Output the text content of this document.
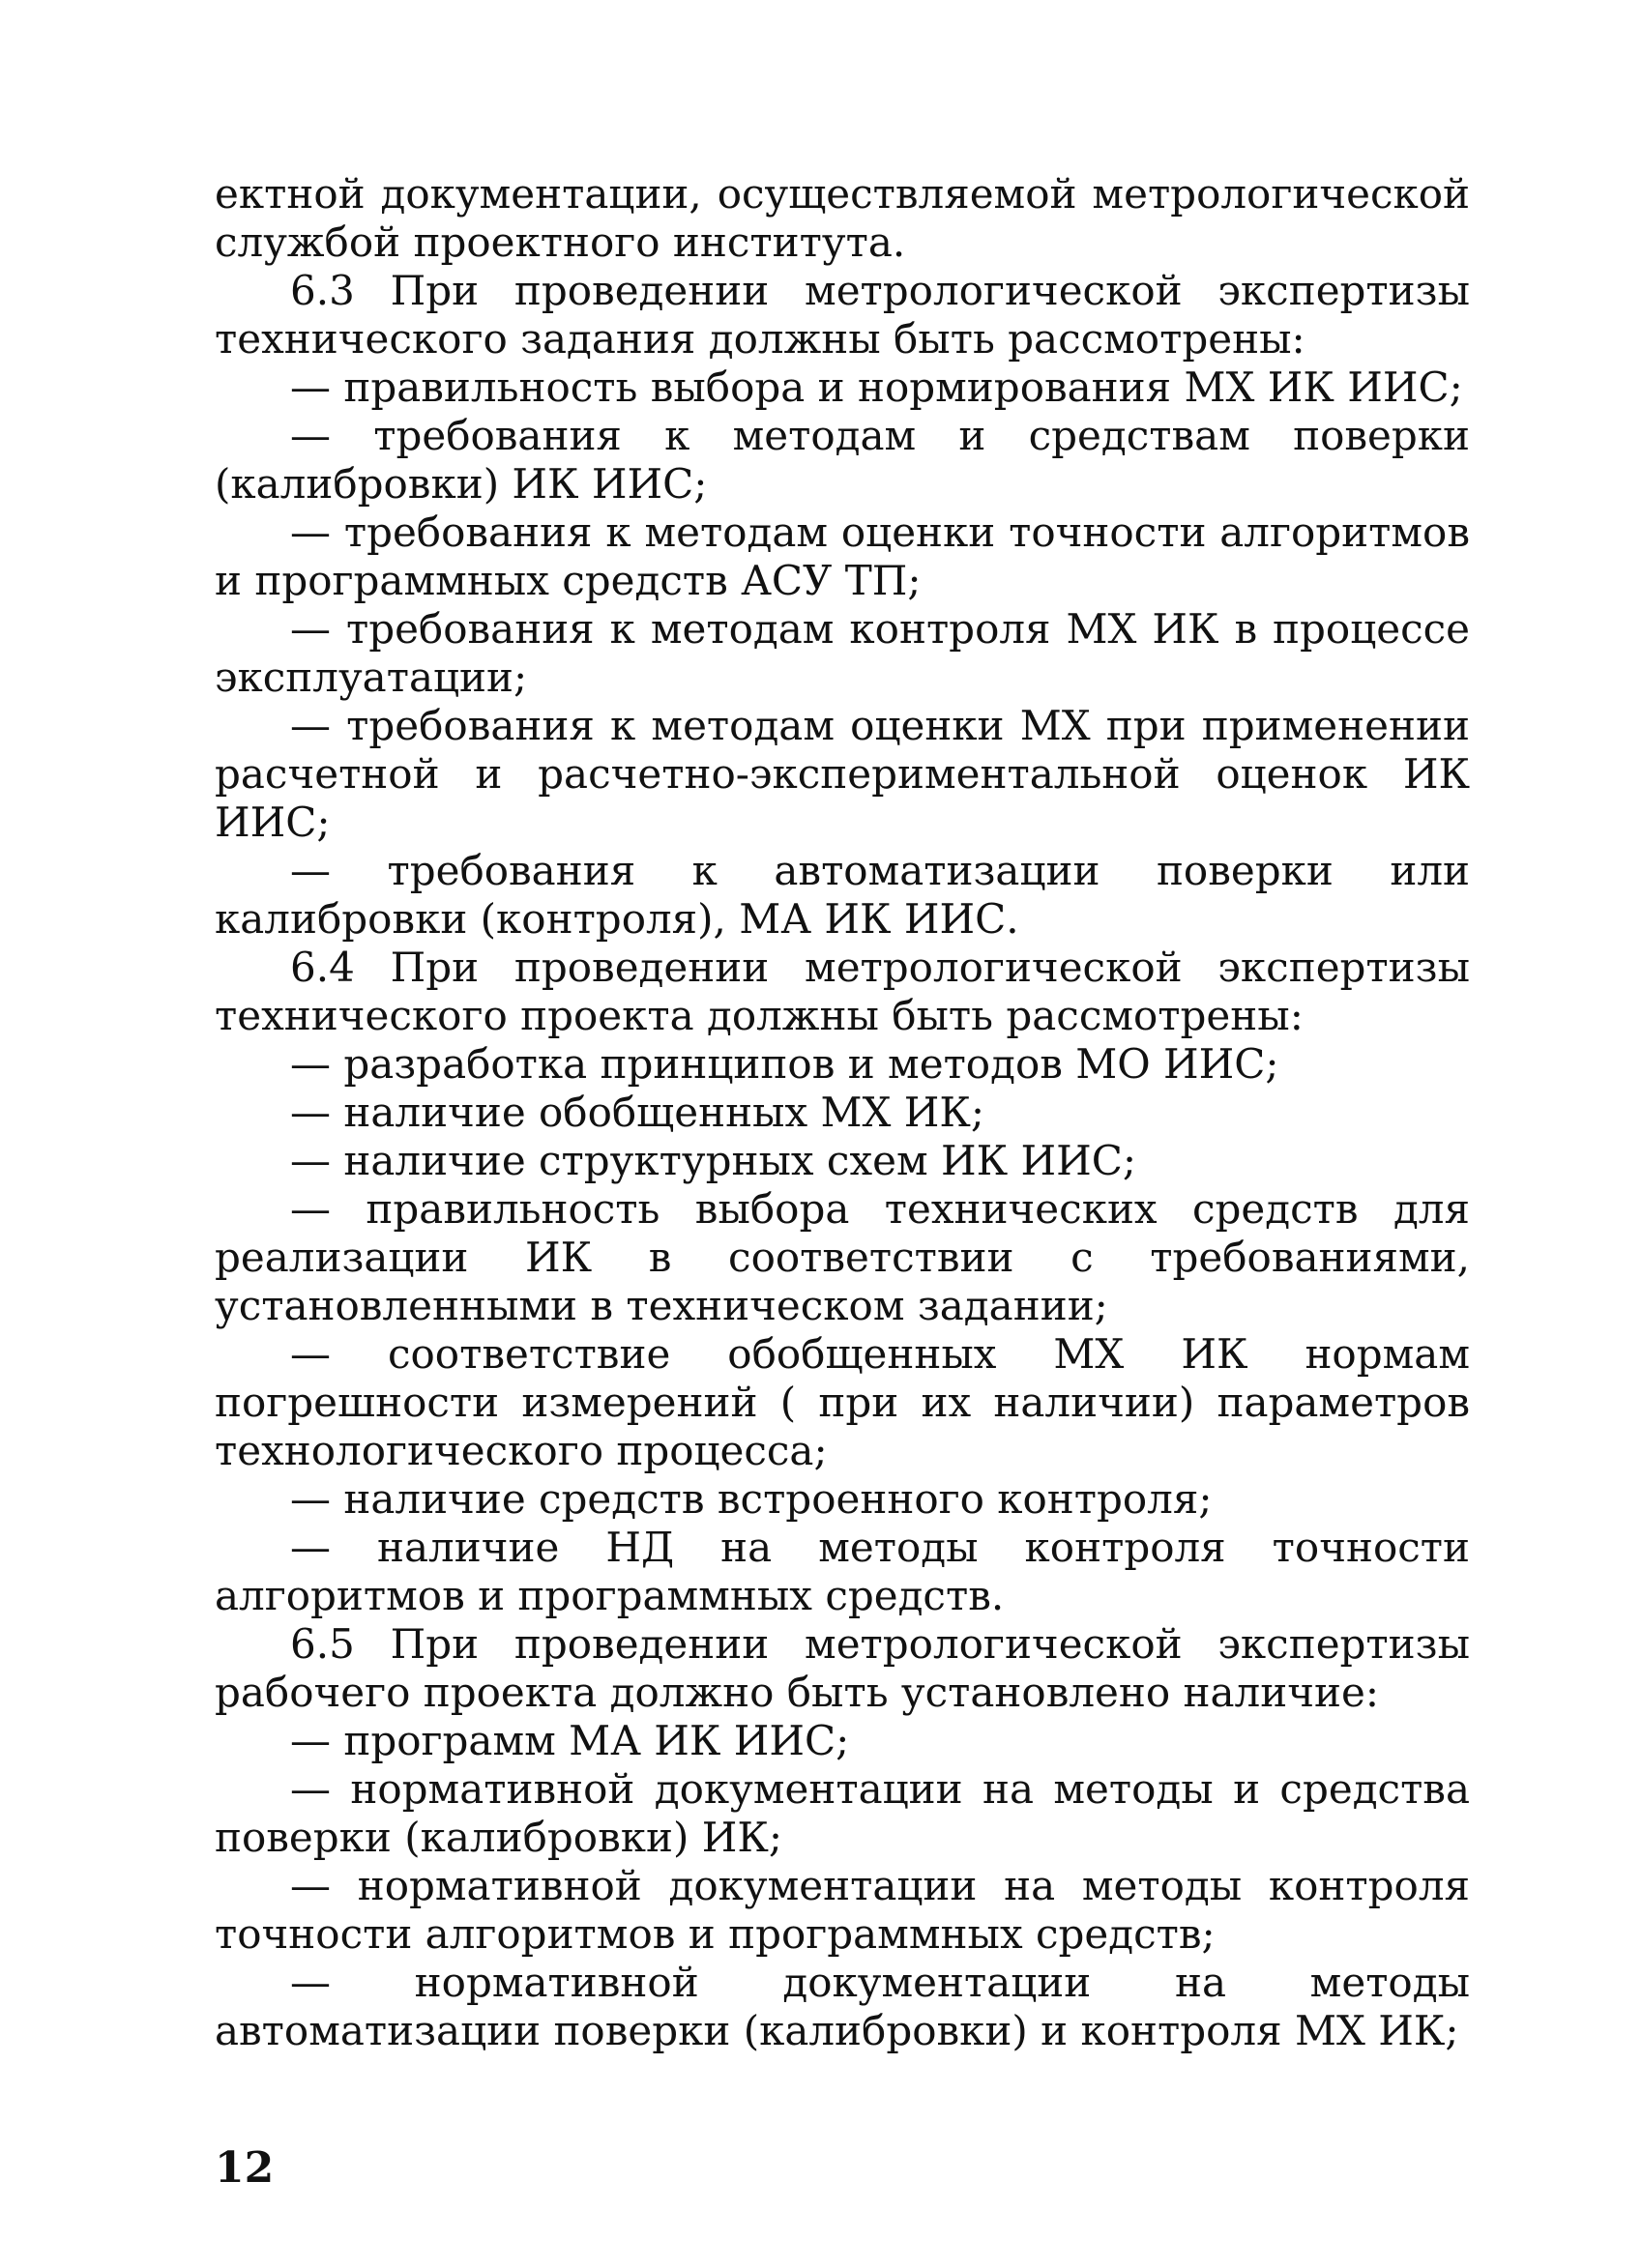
ектной документации, осуществляемой метрологической службой проектного института.

6.3 При проведении метрологической экспертизы технического задания должны быть рассмотрены:

— правильность выбора и нормирования МХ ИК ИИС;

— требования к методам и средствам поверки (калибровки) ИК ИИС;

— требования к методам оценки точности алгоритмов и программных средств АСУ ТП;

— требования к методам контроля МХ ИК в процессе эксплуатации;

— требования к методам оценки МХ при применении расчетной и расчетно-экспериментальной оценок ИК ИИС;

— требования к автоматизации поверки или калибровки (контроля), МА ИК ИИС.

6.4 При проведении метрологической экспертизы технического проекта должны быть рассмотрены:

— разработка принципов и методов МО ИИС;

— наличие обобщенных МХ ИК;

— наличие структурных схем ИК ИИС;

— правильность выбора технических средств для реализации ИК в соответствии с требованиями, установленными в техническом задании;

— соответствие обобщенных МХ ИК нормам погрешности измерений ( при их наличии) параметров технологического процесса;

— наличие средств встроенного контроля;

— наличие НД на методы контроля точности алгоритмов и программных средств.

6.5 При проведении метрологической экспертизы рабочего проекта должно быть установлено наличие:

— программ МА ИК ИИС;

— нормативной документации на методы и средства поверки (калибровки) ИК;

— нормативной документации на методы контроля точности алгоритмов и программных средств;

— нормативной документации на методы автоматизации поверки (калибровки) и контроля МХ ИК;

12
